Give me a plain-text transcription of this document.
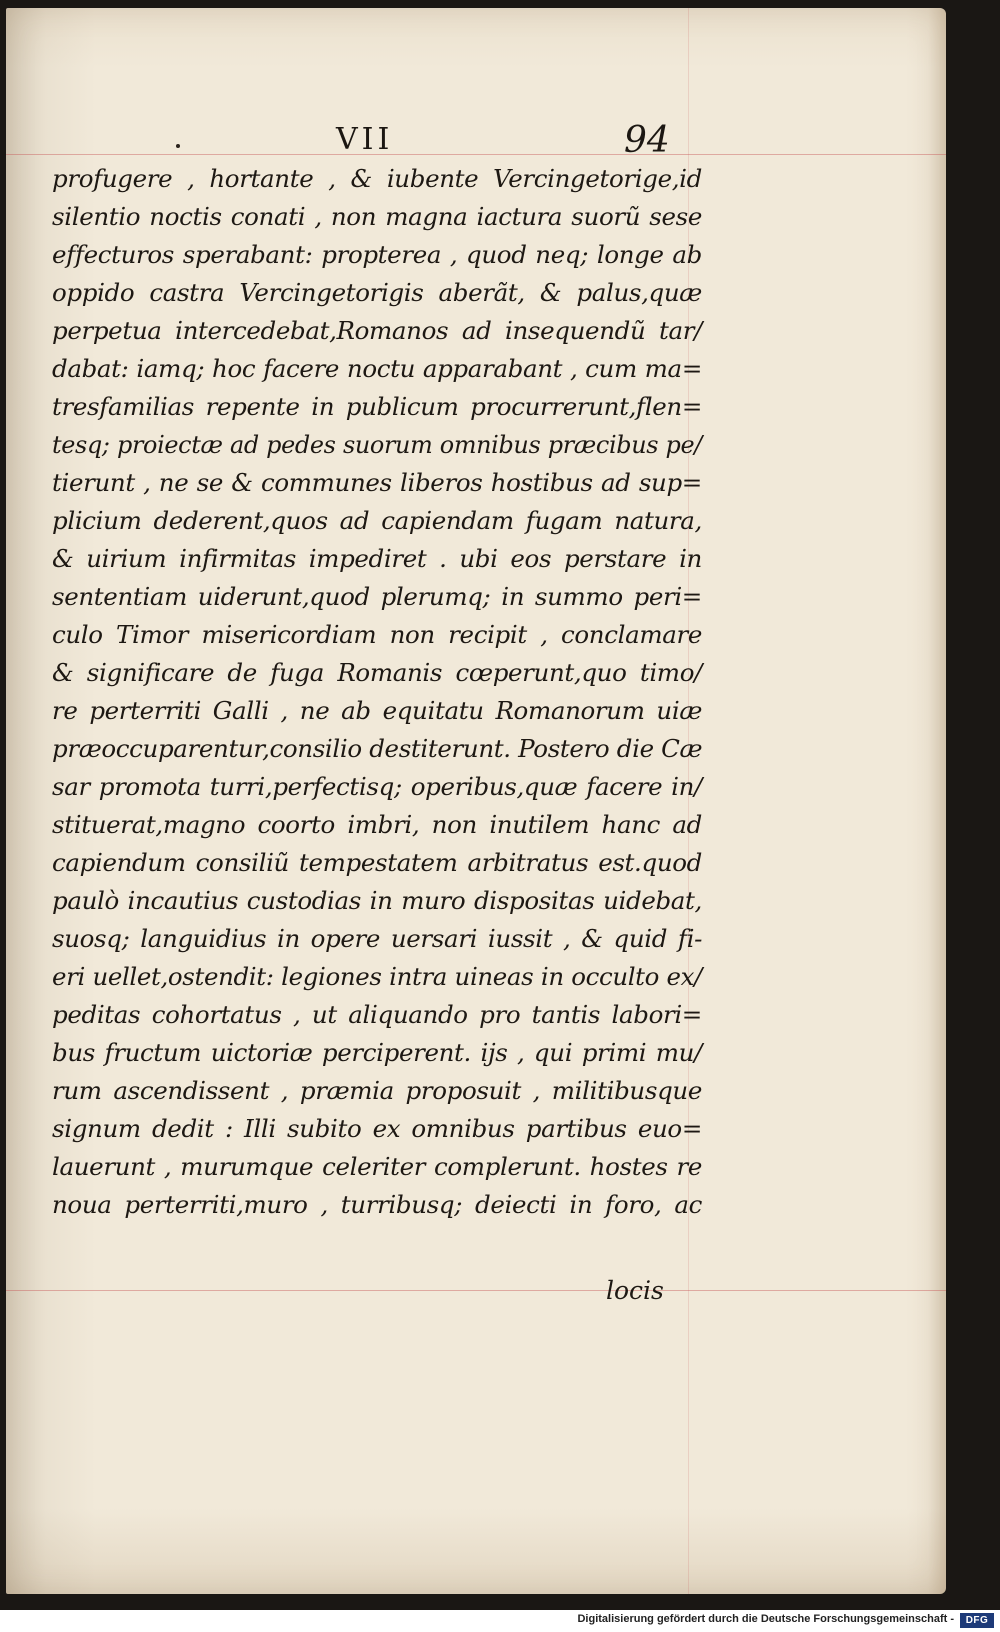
VII	94
profugere , hortante , & iubente Vercingetorige,id
silentio noctis conati , non magna iactura suorũ sese
effecturos sperabant: propterea , quod neq; longe ab
oppido castra Vercingetorigis aberãt, & palus,quæ
perpetua intercedebat,Romanos ad insequendũ tar/
dabat: iamq; hoc facere noctu apparabant , cum ma=
tresfamilias repente in publicum procurrerunt,flen=
tesq; proiectæ ad pedes suorum omnibus præcibus pe/
tierunt , ne se & communes liberos hostibus ad sup=
plicium dederent,quos ad capiendam fugam natura,
& uirium infirmitas impediret . ubi eos perstare in
sententiam uiderunt,quod plerumq; in summo peri=
culo Timor misericordiam non recipit , conclamare
& significare de fuga Romanis cœperunt,quo timo/
re perterriti Galli , ne ab equitatu Romanorum uiæ
præoccuparentur,consilio destiterunt. Postero die Cæ
sar promota turri,perfectisq; operibus,quæ facere in/
stituerat,magno coorto imbri, non inutilem hanc ad
capiendum consiliũ tempestatem arbitratus est.quod
paulò incautius custodias in muro dispositas uidebat,
suosq; languidius in opere uersari iussit , & quid fi-
eri uellet,ostendit: legiones intra uineas in occulto ex/
peditas cohortatus , ut aliquando pro tantis labori=
bus fructum uictoriæ perciperent. ijs , qui primi mu/
rum ascendissent , præmia proposuit , militibusque
signum dedit : Illi subito ex omnibus partibus euo=
lauerunt , murumque celeriter complerunt. hostes re
noua perterriti,muro , turribusq; deiecti in foro, ac
locis
Digitalisierung gefördert durch die Deutsche Forschungsgemeinschaft -	DFG
